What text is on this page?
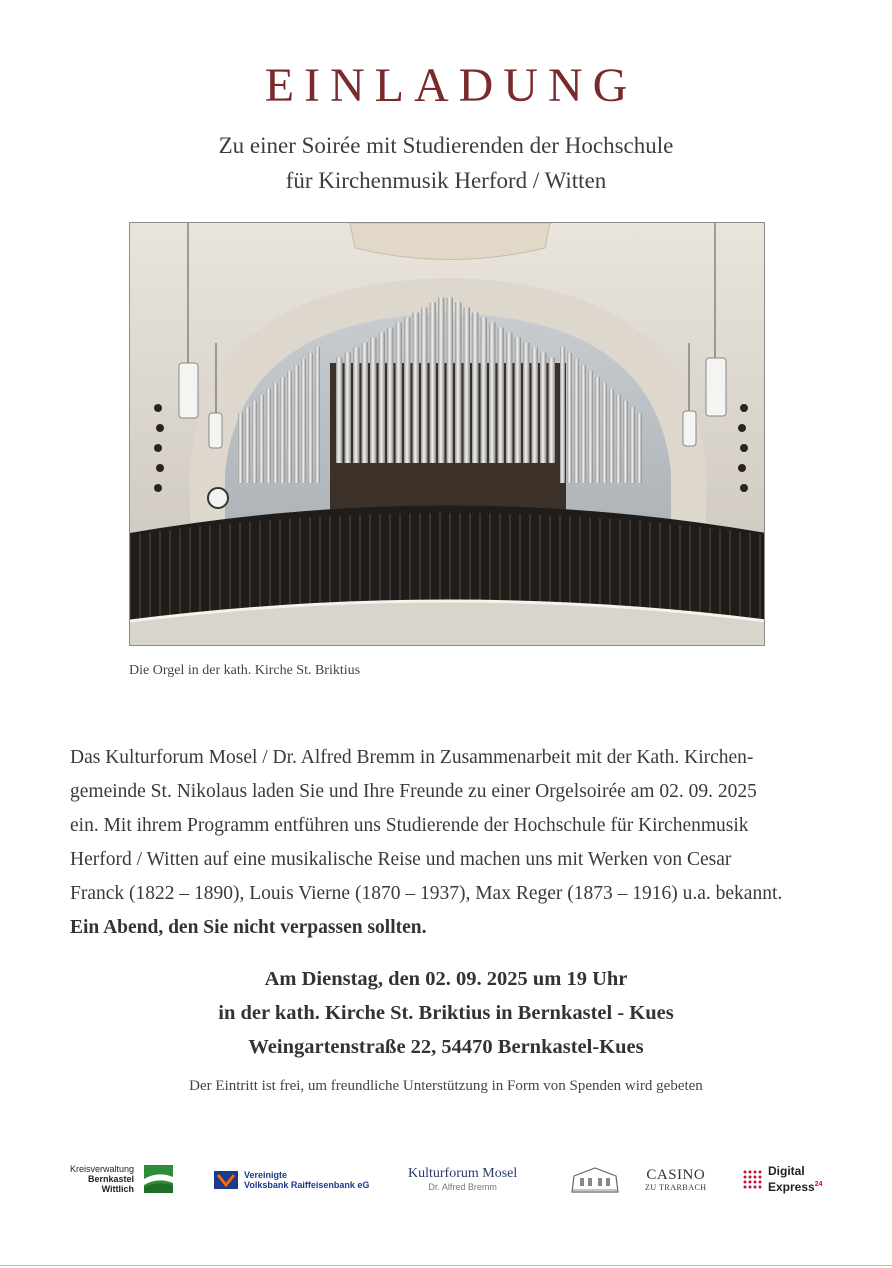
EINLADUNG
Zu einer Soirée mit Studierenden der Hochschule
für Kirchenmusik Herford / Witten
Die Orgel in der kath. Kirche St. Briktius
Das Kulturforum Mosel / Dr. Alfred Bremm in Zusammenarbeit mit der Kath. Kirchen-
gemeinde St. Nikolaus laden Sie und Ihre Freunde zu einer Orgelsoirée am 02. 09. 2025
ein. Mit ihrem Programm entführen uns Studierende der Hochschule für Kirchenmusik
Herford / Witten auf eine musikalische Reise und machen uns mit Werken von Cesar
Franck (1822 – 1890), Louis Vierne (1870 – 1937), Max Reger (1873 – 1916) u.a. bekannt.
Ein Abend, den Sie nicht verpassen sollten.
Am Dienstag, den 02. 09. 2025 um 19 Uhr
in der kath. Kirche St. Briktius in Bernkastel - Kues
Weingartenstraße 22, 54470 Bernkastel-Kues
Der Eintritt ist frei, um freundliche Unterstützung in Form von Spenden wird gebeten
Kreisverwaltung
Bernkastel
Wittlich
Vereinigte
Volksbank Raiffeisenbank eG
Kulturforum Mosel
Dr. Alfred Bremm
CASINO
ZU TRARBACH
Digital
Express$^{24}$
